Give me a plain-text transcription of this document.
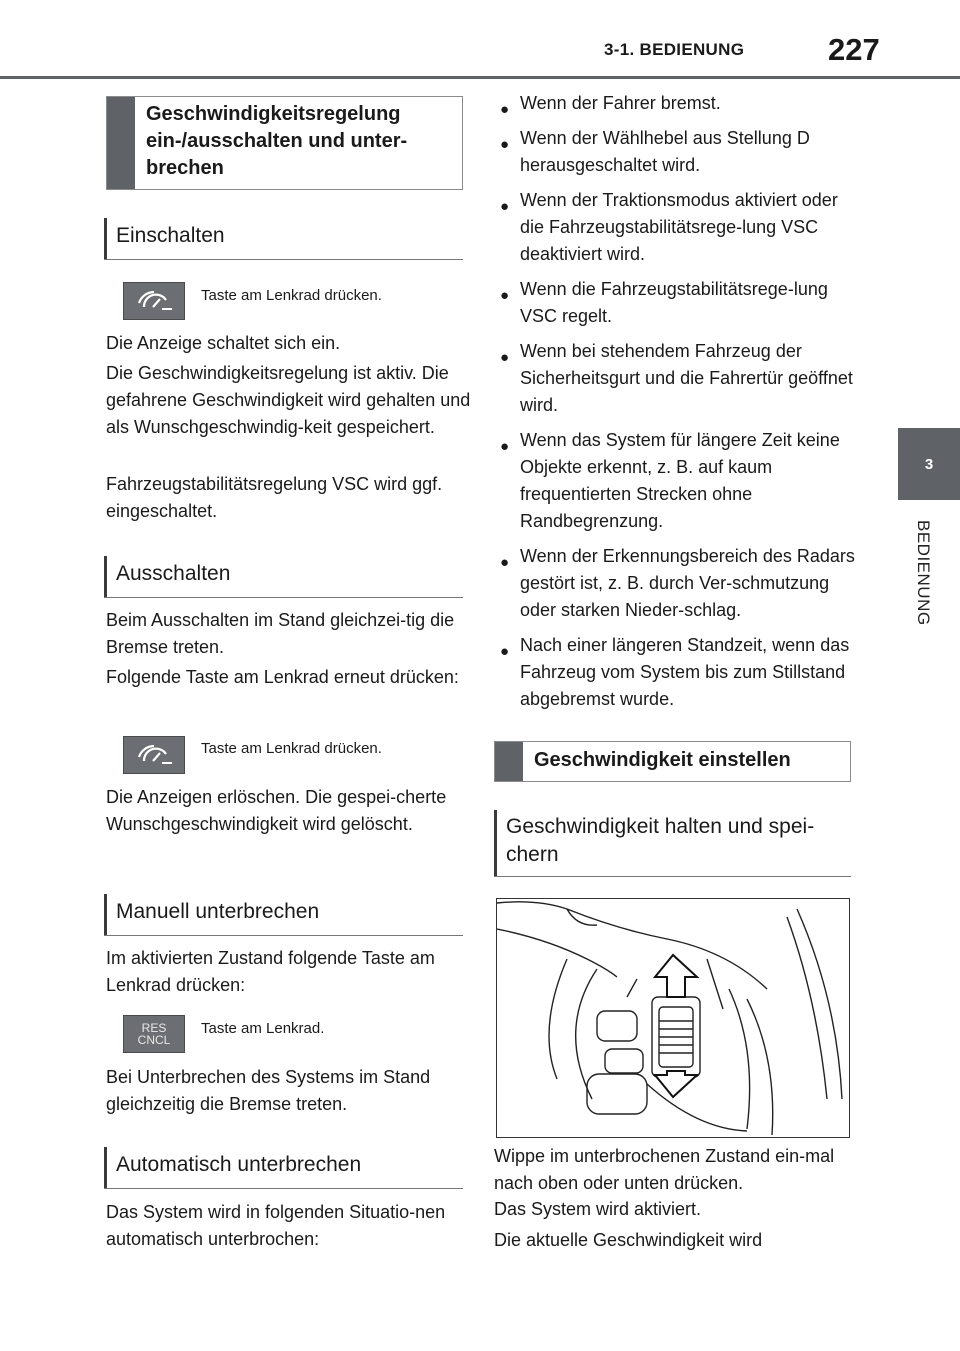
3-1. BEDIENUNG	227
3
BEDIENUNG
Geschwindigkeitsregelung
ein-/ausschalten und unter-
brechen
Einschalten
Taste am Lenkrad drücken.

Die Anzeige schaltet sich ein.

Die Geschwindigkeitsregelung ist aktiv. Die gefahrene Geschwindigkeit wird gehalten und als Wunschgeschwindig-keit gespeichert.

Fahrzeugstabilitätsregelung VSC wird ggf. eingeschaltet.

Ausschalten

Beim Ausschalten im Stand gleichzei-tig die Bremse treten.

Folgende Taste am Lenkrad erneut drücken:

Taste am Lenkrad drücken.

Die Anzeigen erlöschen. Die gespei-cherte Wunschgeschwindigkeit wird gelöscht.

Manuell unterbrechen

Im aktivierten Zustand folgende Taste am Lenkrad drücken:

RES
CNCL
Taste am Lenkrad.

Bei Unterbrechen des Systems im Stand gleichzeitig die Bremse treten.

Automatisch unterbrechen

Das System wird in folgenden Situatio-nen automatisch unterbrochen:

● Wenn der Fahrer bremst.
● Wenn der Wählhebel aus Stellung D herausgeschaltet wird.
● Wenn der Traktionsmodus aktiviert oder die Fahrzeugstabilitätsrege-lung VSC deaktiviert wird.
● Wenn die Fahrzeugstabilitätsrege-lung VSC regelt.
● Wenn bei stehendem Fahrzeug der Sicherheitsgurt und die Fahrertür geöffnet wird.
● Wenn das System für längere Zeit keine Objekte erkennt, z. B. auf kaum frequentierten Strecken ohne Randbegrenzung.
● Wenn der Erkennungsbereich des Radars gestört ist, z. B. durch Ver-schmutzung oder starken Nieder-schlag.
● Nach einer längeren Standzeit, wenn das Fahrzeug vom System bis zum Stillstand abgebremst wurde.
Geschwindigkeit einstellen
Geschwindigkeit halten und spei-chern

Wippe im unterbrochenen Zustand ein-mal nach oben oder unten drücken.

Das System wird aktiviert.

Die aktuelle Geschwindigkeit wird
